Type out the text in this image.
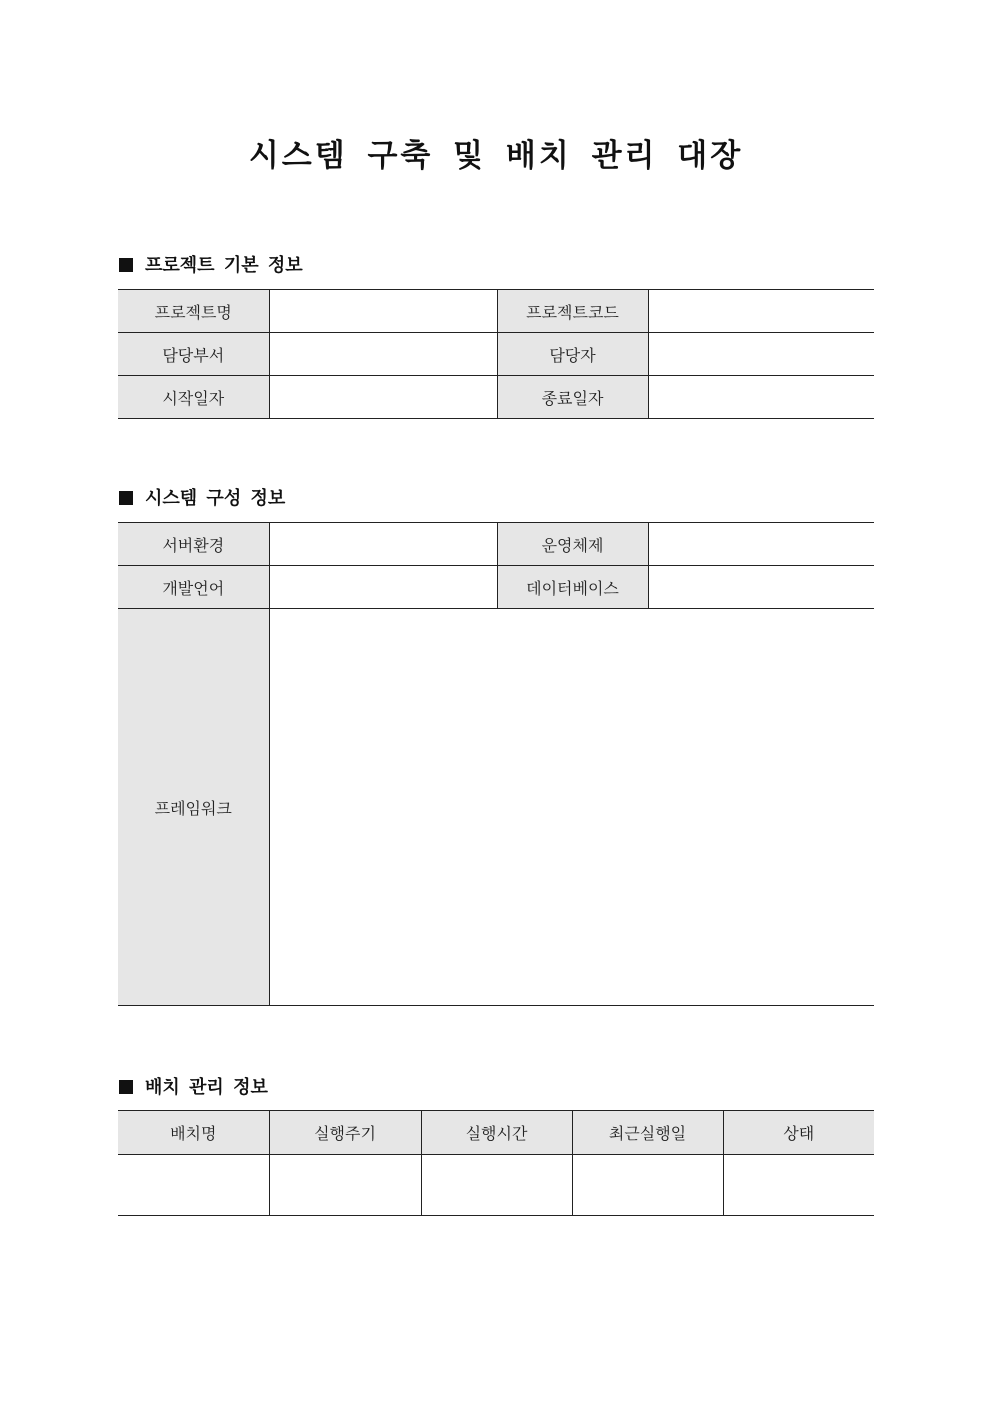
시스템 구축 및 배치 관리 대장
프로젝트 기본 정보
프로젝트명		프로젝트코드	
담당부서		담당자	
시작일자		종료일자	
시스템 구성 정보
서버환경		운영체제	
개발언어		데이터베이스	
프레임워크			
배치 관리 정보
배치명	실행주기	실행시간	최근실행일	상태
